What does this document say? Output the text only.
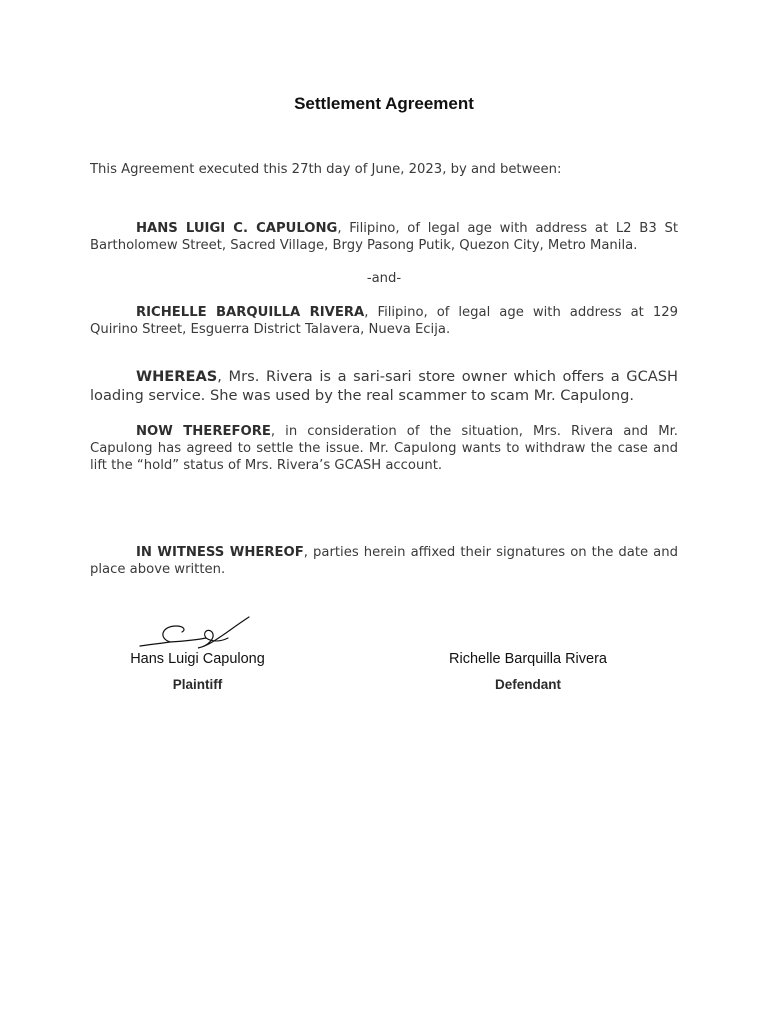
Settlement Agreement
This Agreement executed this 27th day of June, 2023, by and between:
HANS LUIGI C. CAPULONG, Filipino, of legal age with address at L2 B3 St Bartholomew Street, Sacred Village, Brgy Pasong Putik, Quezon City, Metro Manila.
-and-
RICHELLE BARQUILLA RIVERA, Filipino, of legal age with address at 129 Quirino Street, Esguerra District Talavera, Nueva Ecija.
WHEREAS, Mrs. Rivera is a sari-sari store owner which offers a GCASH loading service. She was used by the real scammer to scam Mr. Capulong.
NOW THEREFORE, in consideration of the situation, Mrs. Rivera and Mr. Capulong has agreed to settle the issue. Mr. Capulong wants to withdraw the case and lift the “hold” status of Mrs. Rivera’s GCASH account.
IN WITNESS WHEREOF, parties herein affixed their signatures on the date and place above written.
Hans Luigi Capulong
Plaintiff
Richelle Barquilla Rivera
Defendant
